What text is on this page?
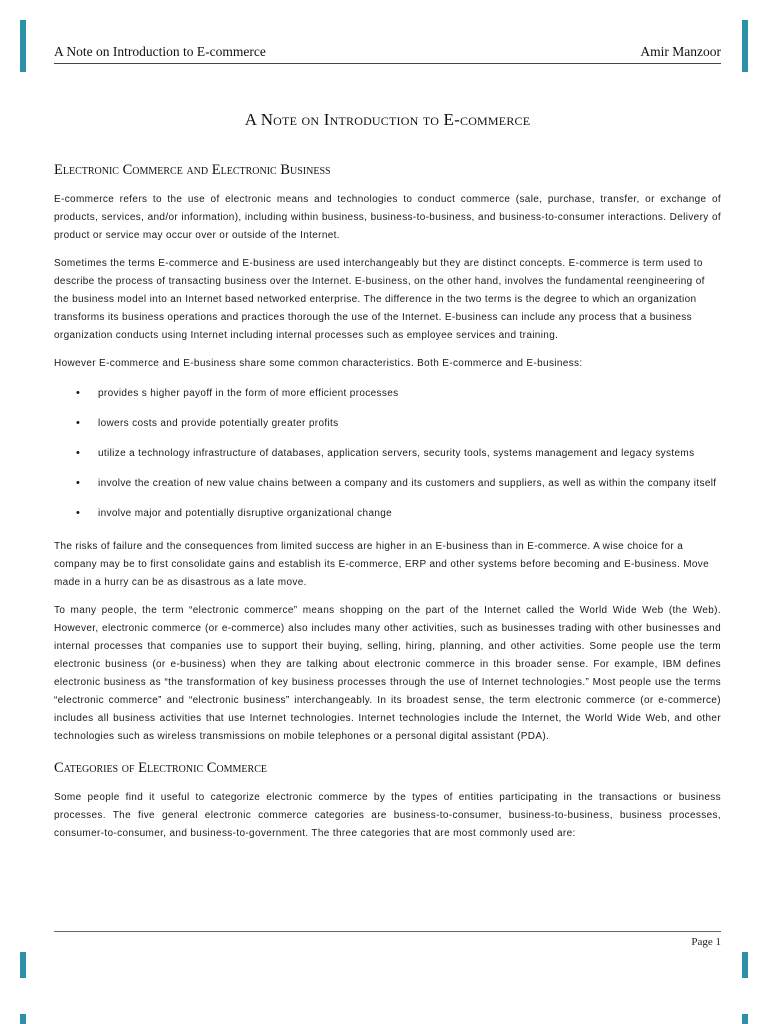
A Note on Introduction to E-commerce	Amir Manzoor
A Note on Introduction to E-commerce
Electronic Commerce and Electronic Business

E-commerce refers to the use of electronic means and technologies to conduct commerce (sale, purchase, transfer, or exchange of products, services, and/or information), including within business, business-to-business, and business-to-consumer interactions. Delivery of product or service may occur over or outside of the Internet.

Sometimes the terms E-commerce and E-business are used interchangeably but they are distinct concepts. E-commerce is term used to describe the process of transacting business over the Internet. E-business, on the other hand, involves the fundamental reengineering of the business model into an Internet based networked enterprise. The difference in the two terms is the degree to which an organization transforms its business operations and practices thorough the use of the Internet. E-business can include any process that a business organization conducts using Internet including internal processes such as employee services and training.

However E-commerce and E-business share some common characteristics. Both E-commerce and E-business:

• provides s higher payoff in the form of more efficient processes
• lowers costs and provide potentially greater profits
• utilize a technology infrastructure of databases, application servers, security tools, systems management and legacy systems
• involve the creation of new value chains between a company and its customers and suppliers, as well as within the company itself
• involve major and potentially disruptive organizational change

The risks of failure and the consequences from limited success are higher in an E-business than in E-commerce. A wise choice for a company may be to first consolidate gains and establish its E-commerce, ERP and other systems before becoming and E-business. Move made in a hurry can be as disastrous as a late move.

To many people, the term “electronic commerce” means shopping on the part of the Internet called the World Wide Web (the Web). However, electronic commerce (or e-commerce) also includes many other activities, such as businesses trading with other businesses and internal processes that companies use to support their buying, selling, hiring, planning, and other activities. Some people use the term electronic business (or e-business) when they are talking about electronic commerce in this broader sense. For example, IBM defines electronic business as “the transformation of key business processes through the use of Internet technologies.” Most people use the terms “electronic commerce” and “electronic business” interchangeably. In its broadest sense, the term electronic commerce (or e-commerce) includes all business activities that use Internet technologies. Internet technologies include the Internet, the World Wide Web, and other technologies such as wireless transmissions on mobile telephones or a personal digital assistant (PDA).

Categories of Electronic Commerce

Some people find it useful to categorize electronic commerce by the types of entities participating in the transactions or business processes. The five general electronic commerce categories are business-to-consumer, business-to-business, business processes, consumer-to-consumer, and business-to-government. The three categories that are most commonly used are:

Page 1
